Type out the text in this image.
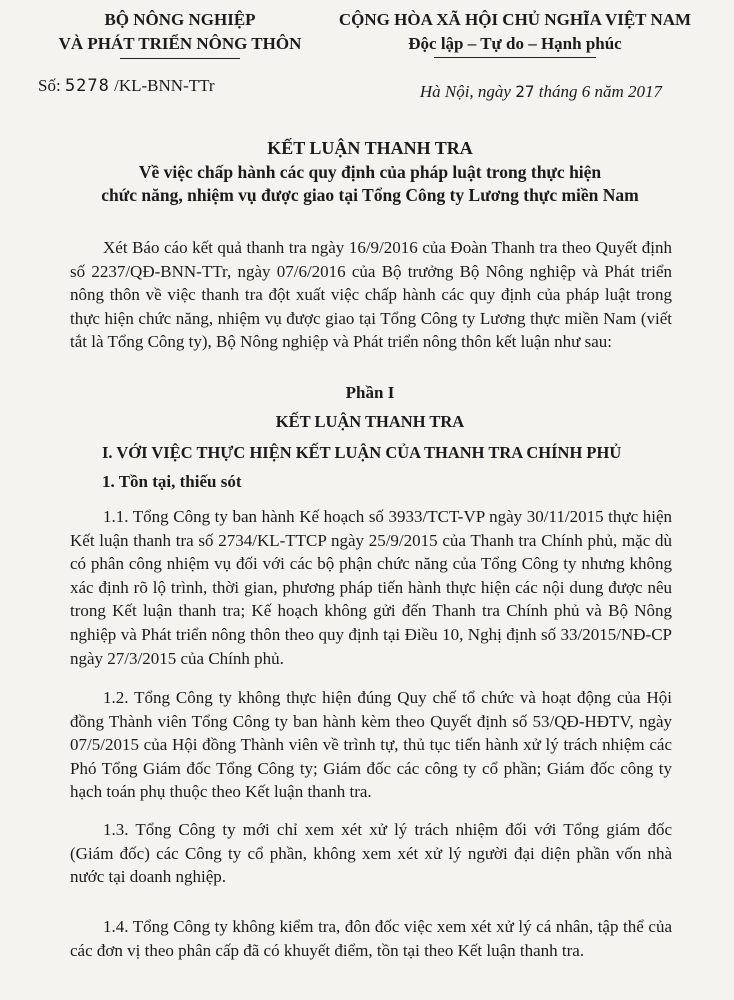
BỘ NÔNG NGHIỆP
VÀ PHÁT TRIỂN NÔNG THÔN
CỘNG HÒA XÃ HỘI CHỦ NGHĨA VIỆT NAM
Độc lập – Tự do – Hạnh phúc
Số: 5278 /KL-BNN-TTr	Hà Nội, ngày 27 tháng 6 năm 2017
KẾT LUẬN THANH TRA
Về việc chấp hành các quy định của pháp luật trong thực hiện
chức năng, nhiệm vụ được giao tại Tổng Công ty Lương thực miền Nam

Xét Báo cáo kết quả thanh tra ngày 16/9/2016 của Đoàn Thanh tra theo Quyết định số 2237/QĐ-BNN-TTr, ngày 07/6/2016 của Bộ trưởng Bộ Nông nghiệp và Phát triển nông thôn về việc thanh tra đột xuất việc chấp hành các quy định của pháp luật trong thực hiện chức năng, nhiệm vụ được giao tại Tổng Công ty Lương thực miền Nam (viết tắt là Tổng Công ty), Bộ Nông nghiệp và Phát triển nông thôn kết luận như sau:

Phần I
KẾT LUẬN THANH TRA
I. VỚI VIỆC THỰC HIỆN KẾT LUẬN CỦA THANH TRA CHÍNH PHỦ
1. Tồn tại, thiếu sót

1.1. Tổng Công ty ban hành Kế hoạch số 3933/TCT-VP ngày 30/11/2015 thực hiện Kết luận thanh tra số 2734/KL-TTCP ngày 25/9/2015 của Thanh tra Chính phủ, mặc dù có phân công nhiệm vụ đối với các bộ phận chức năng của Tổng Công ty nhưng không xác định rõ lộ trình, thời gian, phương pháp tiến hành thực hiện các nội dung được nêu trong Kết luận thanh tra; Kế hoạch không gửi đến Thanh tra Chính phủ và Bộ Nông nghiệp và Phát triển nông thôn theo quy định tại Điều 10, Nghị định số 33/2015/NĐ-CP ngày 27/3/2015 của Chính phủ.

1.2. Tổng Công ty không thực hiện đúng Quy chế tổ chức và hoạt động của Hội đồng Thành viên Tổng Công ty ban hành kèm theo Quyết định số 53/QĐ-HĐTV, ngày 07/5/2015 của Hội đồng Thành viên về trình tự, thủ tục tiến hành xử lý trách nhiệm các Phó Tổng Giám đốc Tổng Công ty; Giám đốc các công ty cổ phần; Giám đốc công ty hạch toán phụ thuộc theo Kết luận thanh tra.

1.3. Tổng Công ty mới chỉ xem xét xử lý trách nhiệm đối với Tổng giám đốc (Giám đốc) các Công ty cổ phần, không xem xét xử lý người đại diện phần vốn nhà nước tại doanh nghiệp.

1.4. Tổng Công ty không kiểm tra, đôn đốc việc xem xét xử lý cá nhân, tập thể của các đơn vị theo phân cấp đã có khuyết điểm, tồn tại theo Kết luận thanh tra.
